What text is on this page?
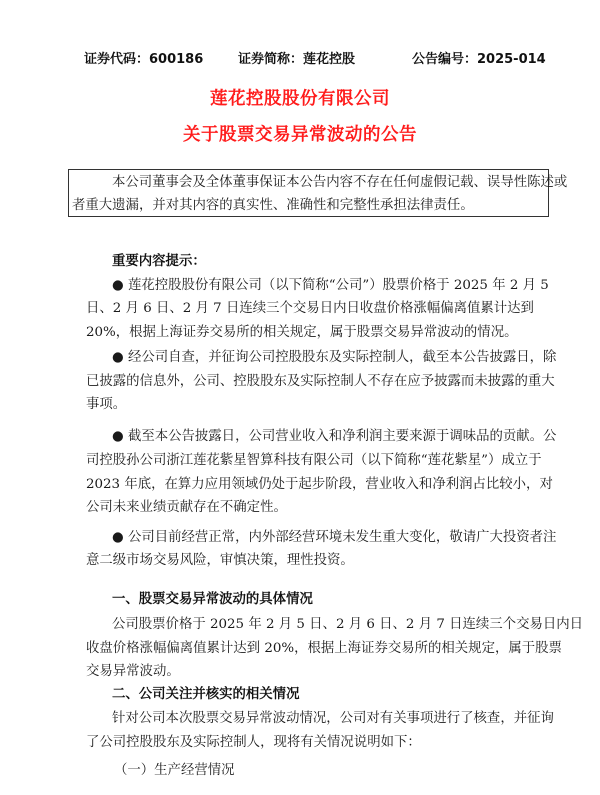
证券代码：600186	证券简称：莲花控股	公告编号：2025-014
莲花控股股份有限公司
关于股票交易异常波动的公告
本公司董事会及全体董事保证本公告内容不存在任何虚假记载、误导性陈述或
者重大遗漏，并对其内容的真实性、准确性和完整性承担法律责任。
重要内容提示：
● 莲花控股股份有限公司（以下简称“公司”）股票价格于 2025 年 2 月 5
日、2 月 6 日、2 月 7 日连续三个交易日内日收盘价格涨幅偏离值累计达到
20%，根据上海证券交易所的相关规定，属于股票交易异常波动的情况。
● 经公司自查，并征询公司控股股东及实际控制人，截至本公告披露日，除
已披露的信息外，公司、控股股东及实际控制人不存在应予披露而未披露的重大
事项。
● 截至本公告披露日，公司营业收入和净利润主要来源于调味品的贡献。公
司控股孙公司浙江莲花紫星智算科技有限公司（以下简称“莲花紫星”）成立于
2023 年底，在算力应用领域仍处于起步阶段，营业收入和净利润占比较小，对
公司未来业绩贡献存在不确定性。
● 公司目前经营正常，内外部经营环境未发生重大变化，敬请广大投资者注
意二级市场交易风险，审慎决策，理性投资。
一、股票交易异常波动的具体情况
公司股票价格于 2025 年 2 月 5 日、2 月 6 日、2 月 7 日连续三个交易日内日
收盘价格涨幅偏离值累计达到 20%，根据上海证券交易所的相关规定，属于股票
交易异常波动。
二、公司关注并核实的相关情况
针对公司本次股票交易异常波动情况，公司对有关事项进行了核查，并征询
了公司控股股东及实际控制人，现将有关情况说明如下：
（一）生产经营情况
